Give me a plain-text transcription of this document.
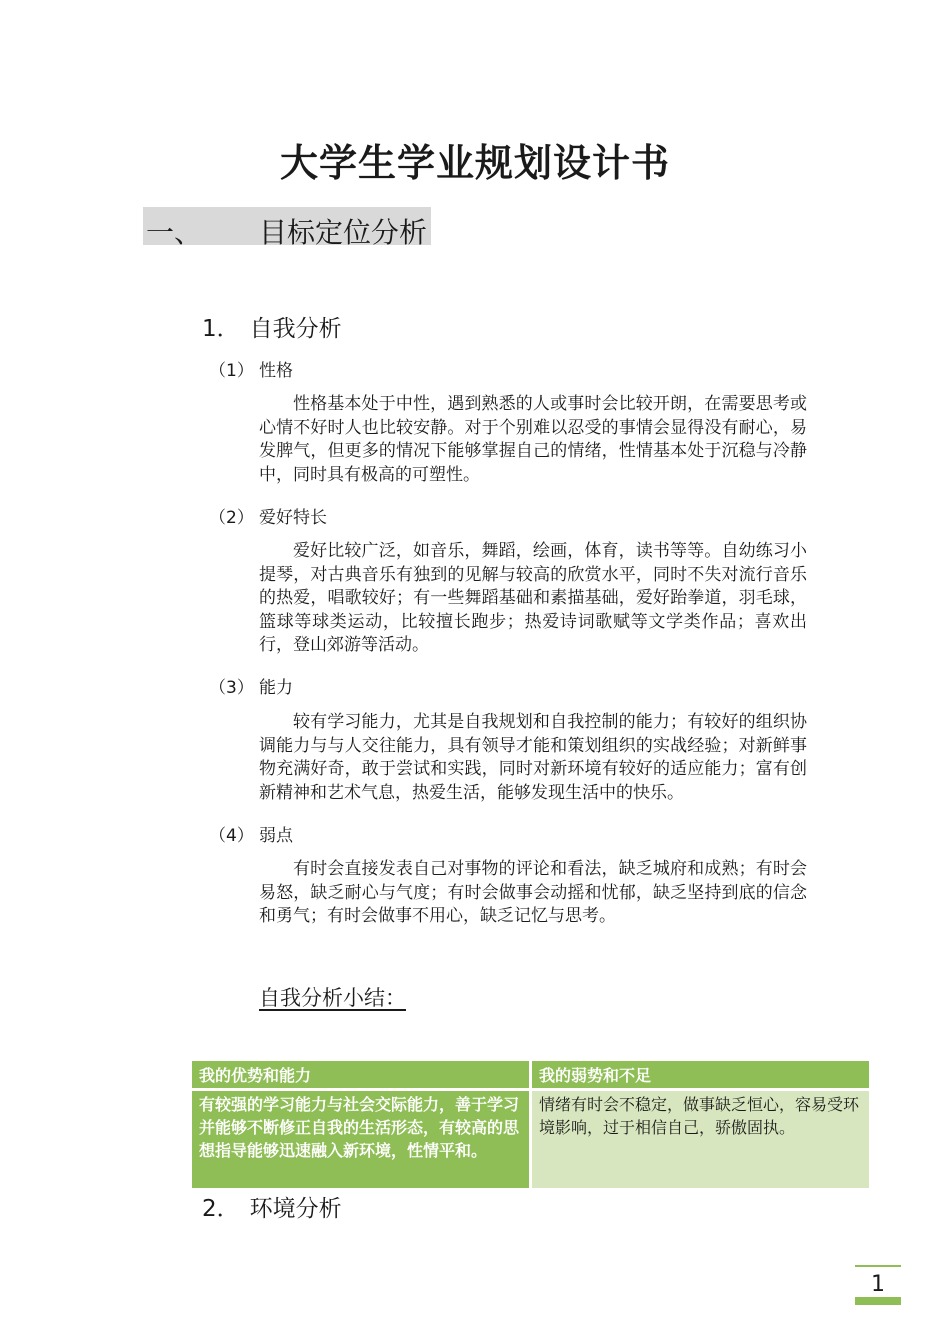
大学生学业规划设计书
一、 目标定位分析
1． 自我分析
（1） 性格

性格基本处于中性，遇到熟悉的人或事时会比较开朗，在需要思考或心情不好时人也比较安静。对于个别难以忍受的事情会显得没有耐心，易发脾气，但更多的情况下能够掌握自己的情绪，性情基本处于沉稳与冷静中，同时具有极高的可塑性。

（2） 爱好特长

爱好比较广泛，如音乐，舞蹈，绘画，体育，读书等等。自幼练习小提琴，对古典音乐有独到的见解与较高的欣赏水平，同时不失对流行音乐的热爱，唱歌较好；有一些舞蹈基础和素描基础，爱好跆拳道，羽毛球，篮球等球类运动，比较擅长跑步；热爱诗词歌赋等文学类作品；喜欢出行，登山郊游等活动。

（3） 能力

较有学习能力，尤其是自我规划和自我控制的能力；有较好的组织协调能力与与人交往能力，具有领导才能和策划组织的实战经验；对新鲜事物充满好奇，敢于尝试和实践，同时对新环境有较好的适应能力；富有创新精神和艺术气息，热爱生活，能够发现生活中的快乐。

（4） 弱点

有时会直接发表自己对事物的评论和看法，缺乏城府和成熟；有时会易怒，缺乏耐心与气度；有时会做事会动摇和忧郁，缺乏坚持到底的信念和勇气；有时会做事不用心，缺乏记忆与思考。

自我分析小结：
我的优势和能力	我的弱势和不足
有较强的学习能力与社会交际能力，善于学习并能够不断修正自我的生活形态，有较高的思想指导能够迅速融入新环境，性情平和。	情绪有时会不稳定，做事缺乏恒心，容易受环境影响，过于相信自己，骄傲固执。
2． 环境分析
1
